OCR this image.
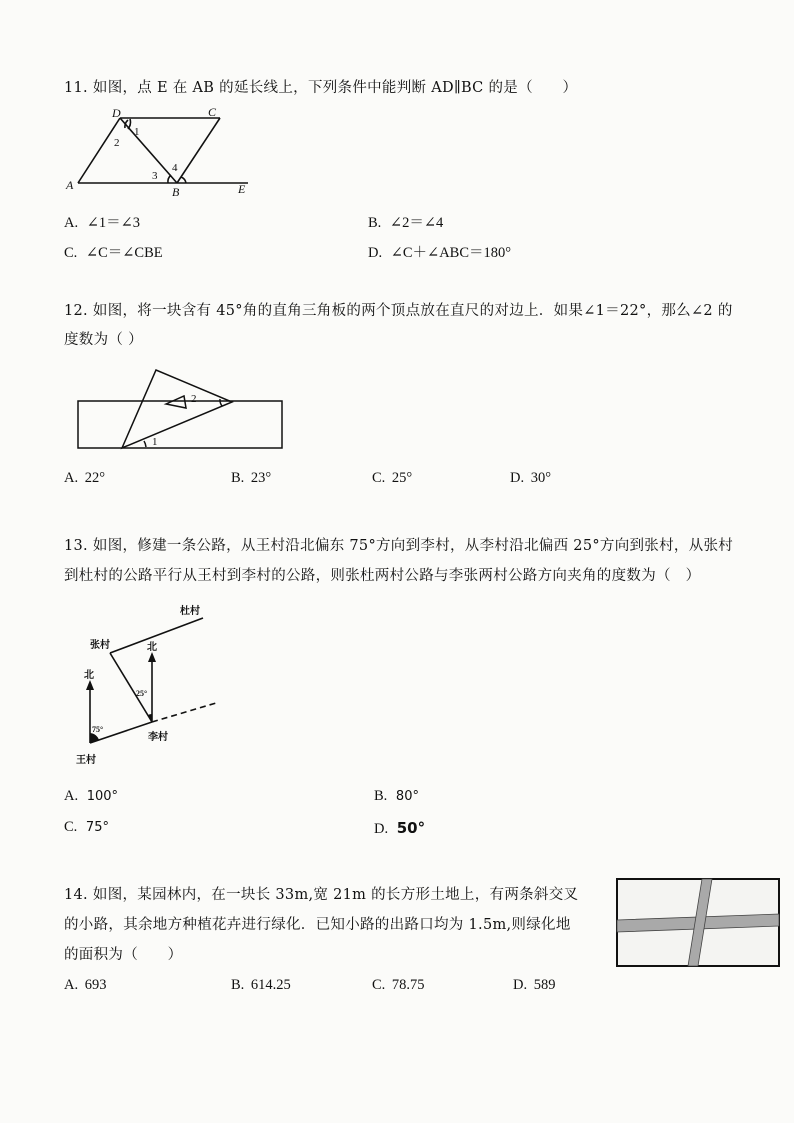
11. 如图，点 E 在 AB 的延长线上，下列条件中能判断 AD∥BC 的是（　　）
D	C
A	B	E
1
2
3
4
A. ∠1＝∠3	B. ∠2＝∠4
C. ∠C＝∠CBE	D. ∠C＋∠ABC＝180°
12. 如图，将一块含有 45°角的直角三角板的两个顶点放在直尺的对边上．如果∠1＝22°，那么∠2 的
度数为（ ）
1
2
A. 22°	B. 23°	C. 25°	D. 30°
13. 如图，修建一条公路，从王村沿北偏东 75°方向到李村，从李村沿北偏西 25°方向到张村，从张村
到杜村的公路平行从王村到李村的公路，则张杜两村公路与李张两村公路方向夹角的度数为（　）
杜村
张村
北
北
25°
75°
王村
李村
A. 100°	B. 80°
C. 75°	D. 50°
14. 如图，某园林内，在一块长 33m,宽 21m 的长方形土地上，有两条斜交叉
的小路，其余地方种植花卉进行绿化．已知小路的出路口均为 1.5m,则绿化地
的面积为（　　）
A. 693	B. 614.25	C. 78.75	D. 589
